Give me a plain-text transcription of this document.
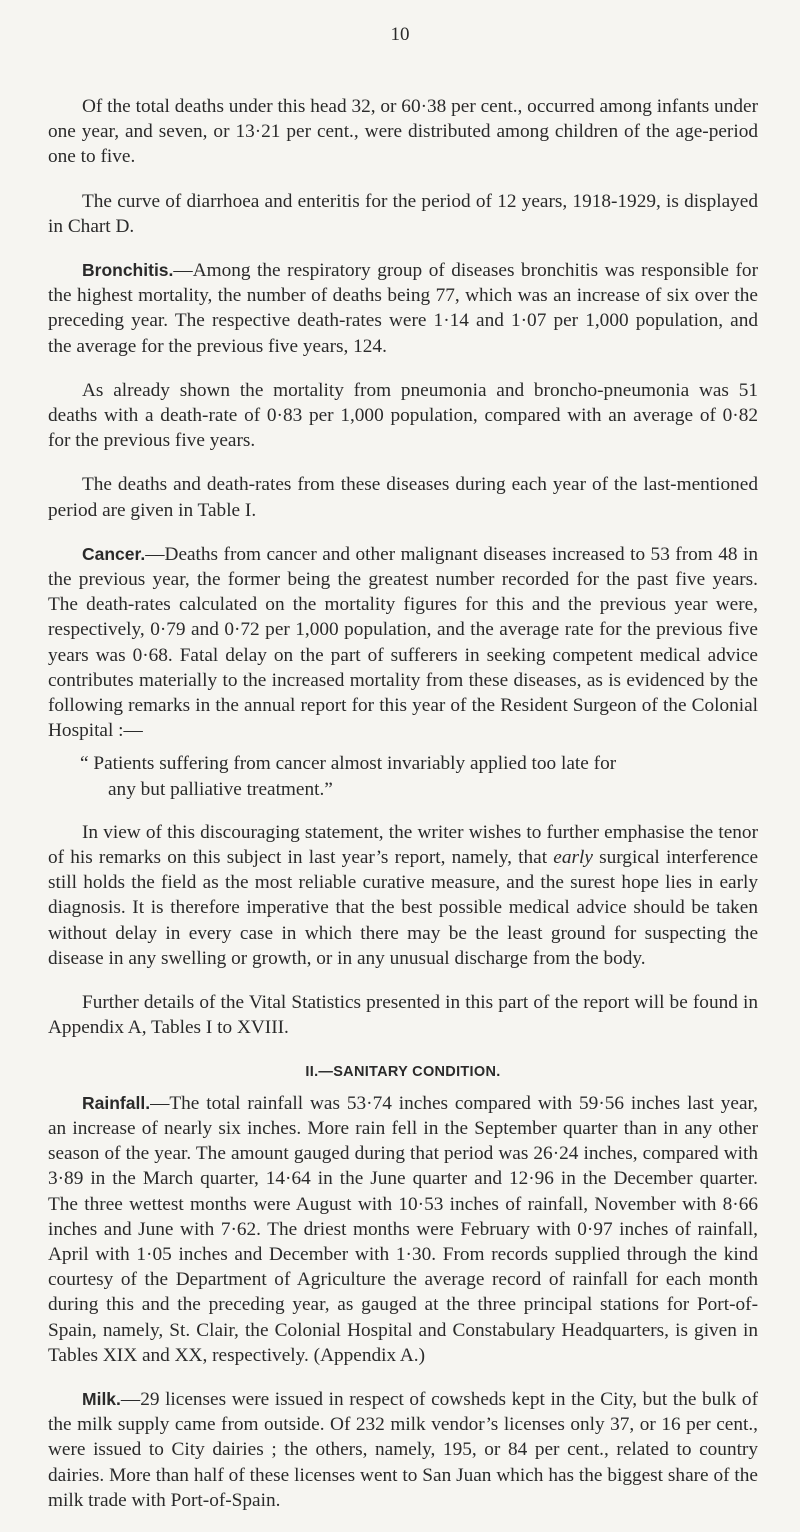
10

Of the total deaths under this head 32, or 60·38 per cent., occurred among infants under one year, and seven, or 13·21 per cent., were distributed among children of the age-period one to five.

The curve of diarrhoea and enteritis for the period of 12 years, 1918-1929, is displayed in Chart D.

Bronchitis.—Among the respiratory group of diseases bronchitis was responsible for the highest mortality, the number of deaths being 77, which was an increase of six over the preceding year. The respective death-rates were 1·14 and 1·07 per 1,000 population, and the average for the previous five years, 124.

As already shown the mortality from pneumonia and broncho-pneumonia was 51 deaths with a death-rate of 0·83 per 1,000 population, compared with an average of 0·82 for the previous five years.

The deaths and death-rates from these diseases during each year of the last-mentioned period are given in Table I.

Cancer.—Deaths from cancer and other malignant diseases increased to 53 from 48 in the previous year, the former being the greatest number recorded for the past five years. The death-rates calculated on the mortality figures for this and the previous year were, respectively, 0·79 and 0·72 per 1,000 population, and the average rate for the previous five years was 0·68. Fatal delay on the part of sufferers in seeking competent medical advice contributes materially to the increased mortality from these diseases, as is evidenced by the following remarks in the annual report for this year of the Resident Surgeon of the Colonial Hospital :—

“ Patients suffering from cancer almost invariably applied too late for
any but palliative treatment.”

In view of this discouraging statement, the writer wishes to further emphasise the tenor of his remarks on this subject in last year’s report, namely, that early surgical interference still holds the field as the most reliable curative measure, and the surest hope lies in early diagnosis. It is therefore imperative that the best possible medical advice should be taken without delay in every case in which there may be the least ground for suspecting the disease in any swelling or growth, or in any unusual discharge from the body.

Further details of the Vital Statistics presented in this part of the report will be found in Appendix A, Tables I to XVIII.

II.—SANITARY CONDITION.

Rainfall.—The total rainfall was 53·74 inches compared with 59·56 inches last year, an increase of nearly six inches. More rain fell in the September quarter than in any other season of the year. The amount gauged during that period was 26·24 inches, compared with 3·89 in the March quarter, 14·64 in the June quarter and 12·96 in the December quarter. The three wettest months were August with 10·53 inches of rainfall, November with 8·66 inches and June with 7·62. The driest months were February with 0·97 inches of rainfall, April with 1·05 inches and December with 1·30. From records supplied through the kind courtesy of the Department of Agriculture the average record of rainfall for each month during this and the preceding year, as gauged at the three principal stations for Port-of-Spain, namely, St. Clair, the Colonial Hospital and Constabulary Headquarters, is given in Tables XIX and XX, respectively. (Appendix A.)

Milk.—29 licenses were issued in respect of cowsheds kept in the City, but the bulk of the milk supply came from outside. Of 232 milk vendor’s licenses only 37, or 16 per cent., were issued to City dairies ; the others, namely, 195, or 84 per cent., related to country dairies. More than half of these licenses went to San Juan which has the biggest share of the milk trade with Port-of-Spain.
